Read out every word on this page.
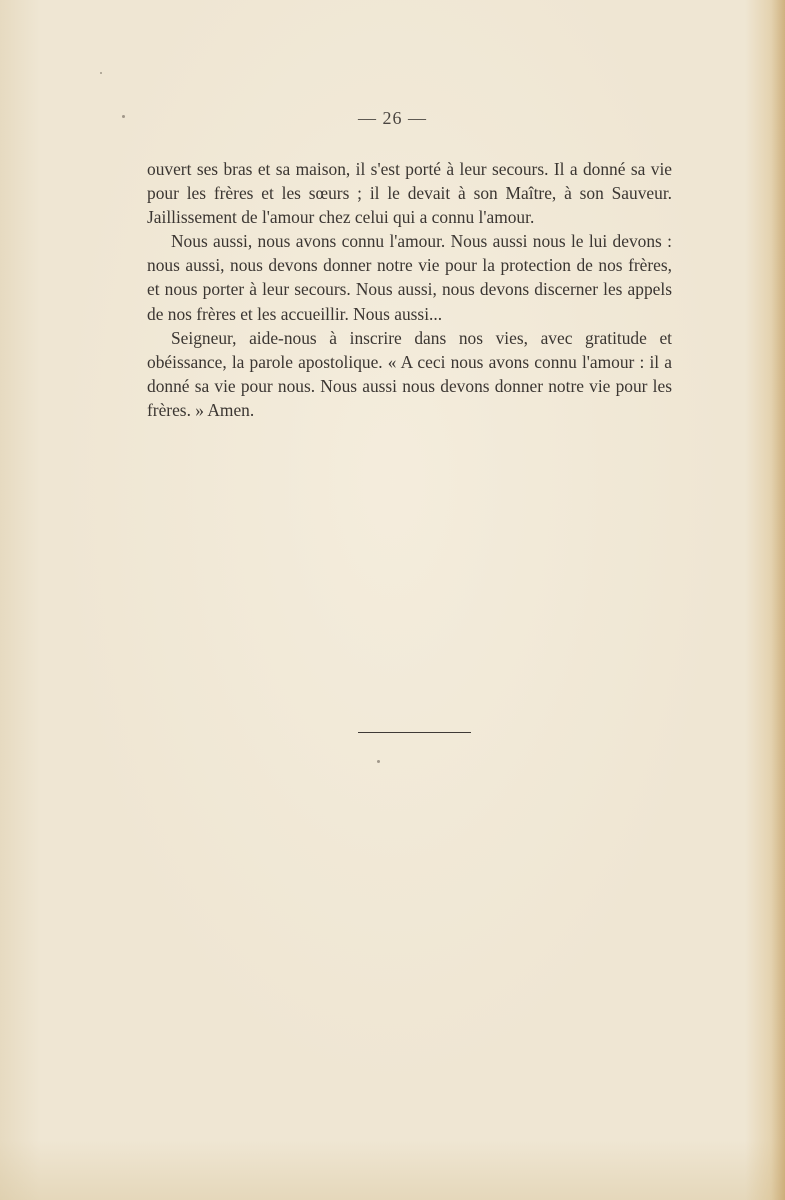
— 26 —

ouvert ses bras et sa maison, il s'est porté à leur secours. Il a donné sa vie pour les frères et les sœurs ; il le devait à son Maître, à son Sauveur. Jaillissement de l'amour chez celui qui a connu l'amour.

Nous aussi, nous avons connu l'amour. Nous aussi nous le lui devons : nous aussi, nous devons donner notre vie pour la protection de nos frères, et nous porter à leur secours. Nous aussi, nous devons discerner les appels de nos frères et les accueillir. Nous aussi...

Seigneur, aide-nous à inscrire dans nos vies, avec gratitude et obéissance, la parole apostolique. « A ceci nous avons connu l'amour : il a donné sa vie pour nous. Nous aussi nous devons donner notre vie pour les frères. » Amen.
